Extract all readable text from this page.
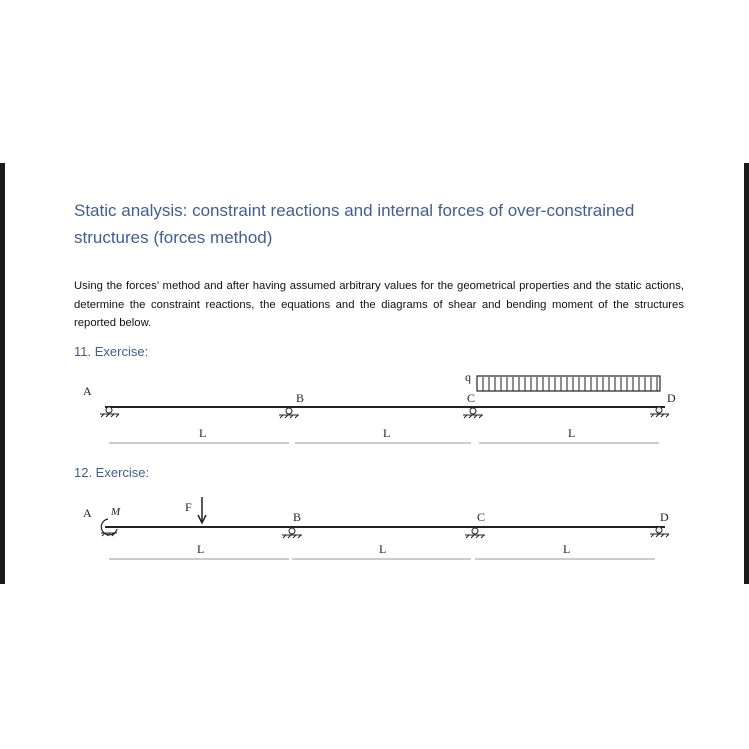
Static analysis: constraint reactions and internal forces of over-constrained structures (forces method)
Using the forces’ method and after having assumed arbitrary values for the geometrical properties and the static actions, determine the constraint reactions, the equations and the diagrams of shear and bending moment of the structures reported below.
11. Exercise:
q
A	B	C	D
L	L	L
12. Exercise:
M	F
A	B	C	D
L	L	L
